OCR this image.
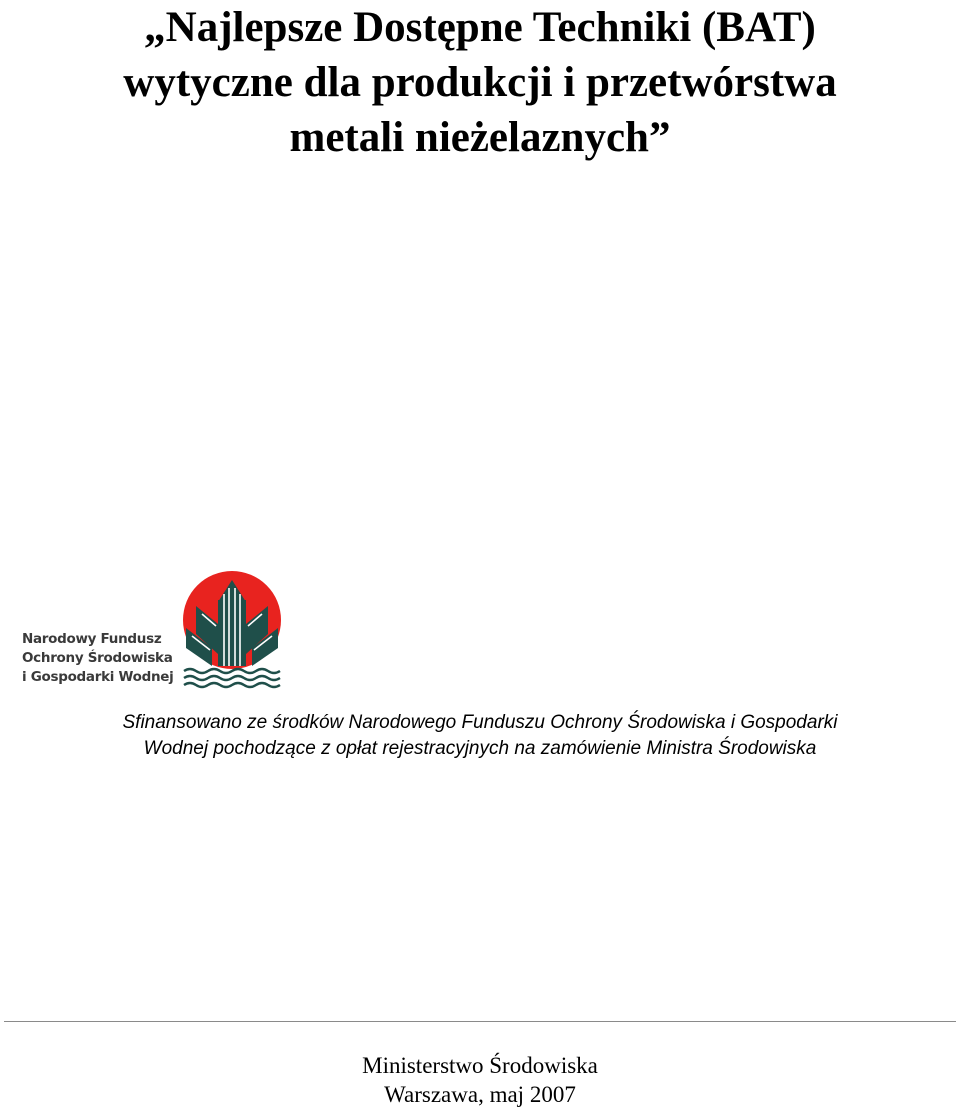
„Najlepsze Dostępne Techniki (BAT)
wytyczne dla produkcji i przetwórstwa
metali nieżelaznych”
Narodowy Fundusz
Ochrony Środowiska
i Gospodarki Wodnej
Sfinansowano ze środków Narodowego Funduszu Ochrony Środowiska i Gospodarki
Wodnej pochodzące z opłat rejestracyjnych na zamówienie Ministra Środowiska
Ministerstwo Środowiska
Warszawa, maj 2007
